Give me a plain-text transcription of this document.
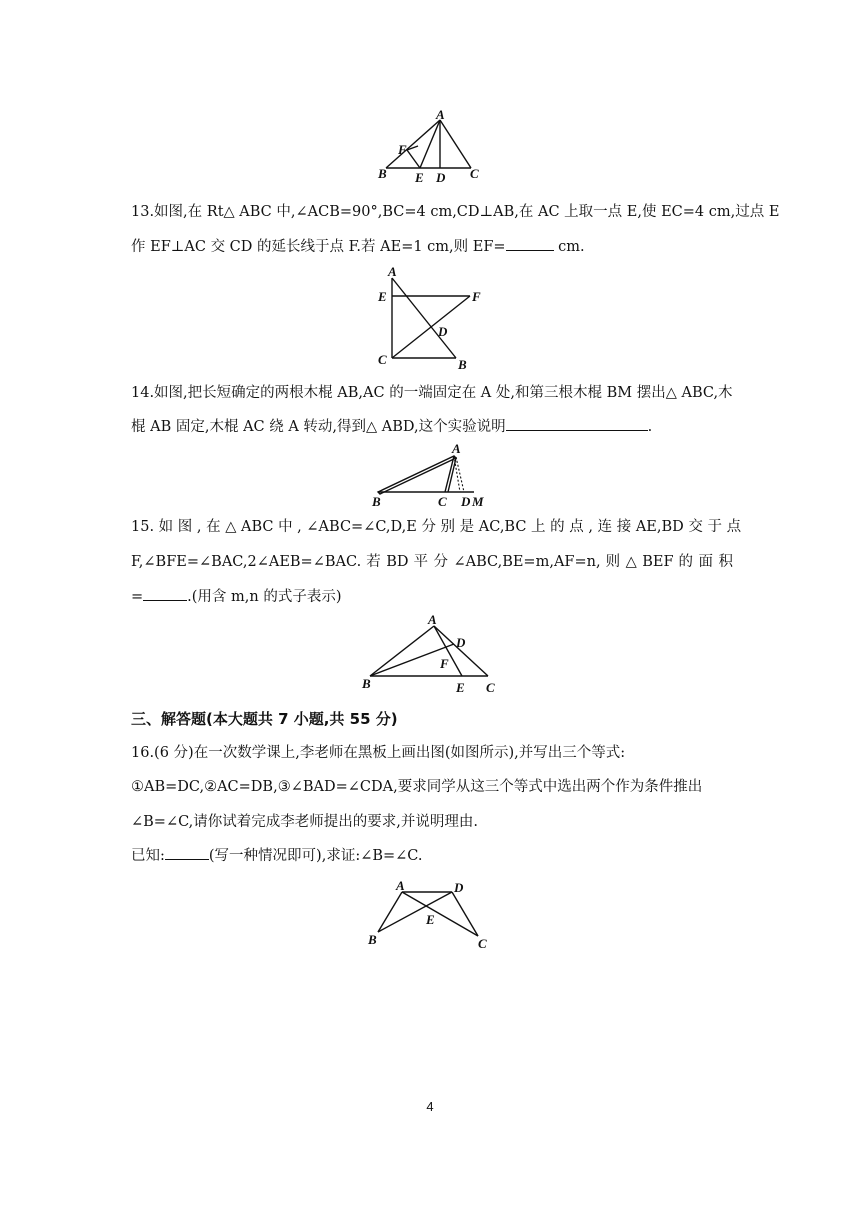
A
F
B E D C
13.如图,在 Rt△ ABC 中,∠ACB=90°,BC=4 cm,CD⊥AB,在 AC 上取一点 E,使 EC=4 cm,过点 E
作 EF⊥AC 交 CD 的延长线于点 F.若 AE=1 cm,则 EF=	cm.
A
E	F
D
C	B
14.如图,把长短确定的两根木棍 AB,AC 的一端固定在 A 处,和第三根木棍 BM 摆出△ ABC,木
棍 AB 固定,木棍 AC 绕 A 转动,得到△ ABD,这个实验说明	.
A
B	C D M
15. 如 图 , 在 △ ABC 中 , ∠ABC=∠C,D,E 分 别 是 AC,BC 上 的 点 , 连 接 AE,BD 交 于 点
F,∠BFE=∠BAC,2∠AEB=∠BAC. 若 BD 平 分 ∠ABC,BE=m,AF=n, 则 △ BEF 的 面 积
=	.(用含 m,n 的式子表示)
A
D
F
B	E C
三、解答题(本大题共 7 小题,共 55 分)
16.(6 分)在一次数学课上,李老师在黑板上画出图(如图所示),并写出三个等式:
①AB=DC,②AC=DB,③∠BAD=∠CDA,要求同学从这三个等式中选出两个作为条件推出
∠B=∠C,请你试着完成李老师提出的要求,并说明理由.
已知:	(写一种情况即可),求证:∠B=∠C.
A	D
E
B	C
4
